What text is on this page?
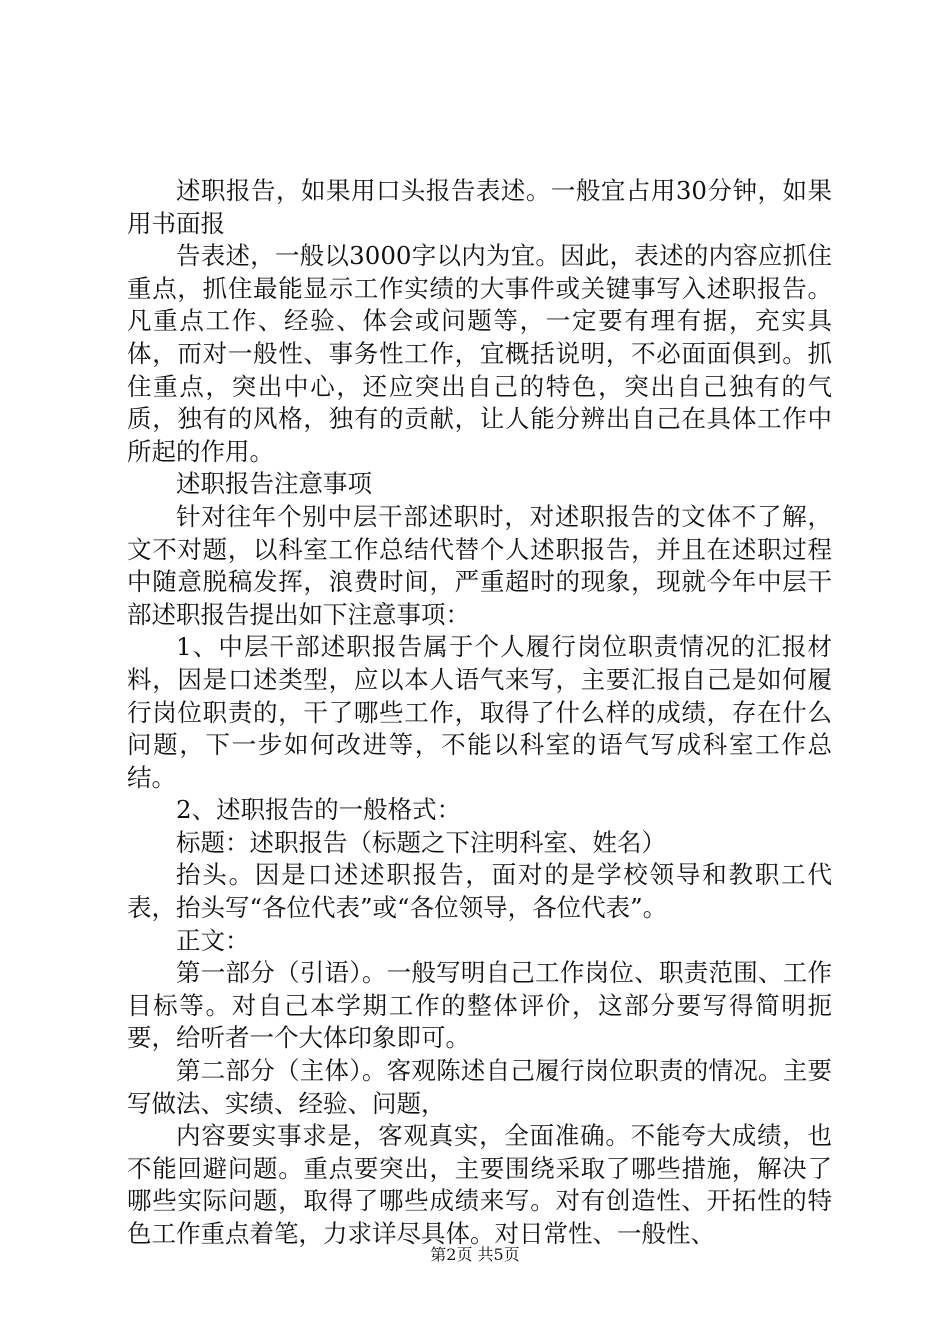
述职报告，如果用口头报告表述。一般宜占用30分钟，如果用书面报

告表述，一般以3000字以内为宜。因此，表述的内容应抓住重点，抓住最能显示工作实绩的大事件或关键事写入述职报告。凡重点工作、经验、体会或问题等，一定要有理有据，充实具体，而对一般性、事务性工作，宜概括说明，不必面面俱到。抓住重点，突出中心，还应突出自己的特色，突出自己独有的气质，独有的风格，独有的贡献，让人能分辨出自己在具体工作中所起的作用。

述职报告注意事项

针对往年个别中层干部述职时，对述职报告的文体不了解，文不对题，以科室工作总结代替个人述职报告，并且在述职过程中随意脱稿发挥，浪费时间，严重超时的现象，现就今年中层干部述职报告提出如下注意事项：

1、中层干部述职报告属于个人履行岗位职责情况的汇报材料，因是口述类型，应以本人语气来写，主要汇报自己是如何履行岗位职责的，干了哪些工作，取得了什么样的成绩，存在什么问题，下一步如何改进等，不能以科室的语气写成科室工作总结。

2、述职报告的一般格式：

标题：述职报告（标题之下注明科室、姓名）

抬头。因是口述述职报告，面对的是学校领导和教职工代表，抬头写“各位代表”或“各位领导，各位代表”。

正文：

第一部分（引语）。一般写明自己工作岗位、职责范围、工作目标等。对自己本学期工作的整体评价，这部分要写得简明扼要，给听者一个大体印象即可。

第二部分（主体）。客观陈述自己履行岗位职责的情况。主要写做法、实绩、经验、问题，

内容要实事求是，客观真实，全面准确。不能夸大成绩，也不能回避问题。重点要突出，主要围绕采取了哪些措施，解决了哪些实际问题，取得了哪些成绩来写。对有创造性、开拓性的特色工作重点着笔，力求详尽具体。对日常性、一般性、

第2页 共5页
